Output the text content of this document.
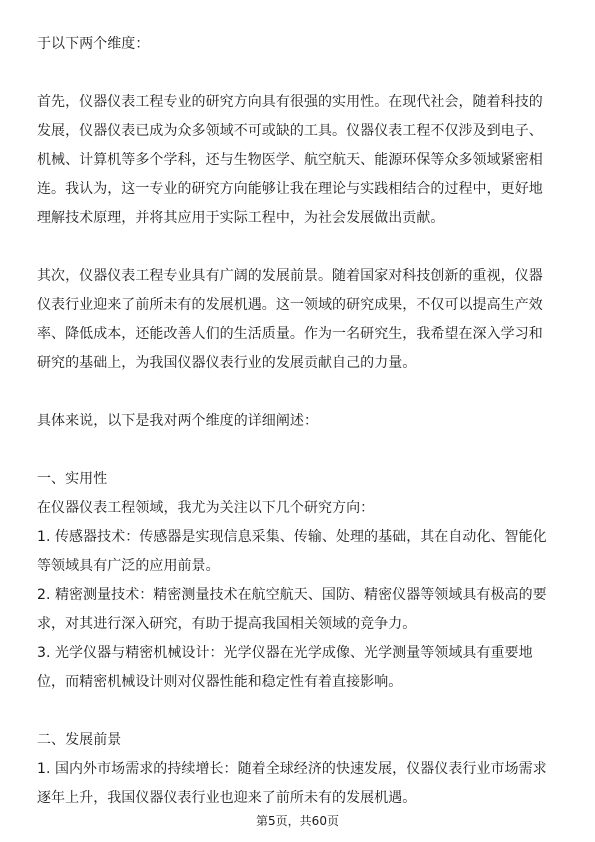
于以下两个维度：
首先，仪器仪表工程专业的研究方向具有很强的实用性。在现代社会，随着科技的
发展，仪器仪表已成为众多领域不可或缺的工具。仪器仪表工程不仅涉及到电子、
机械、计算机等多个学科，还与生物医学、航空航天、能源环保等众多领域紧密相
连。我认为，这一专业的研究方向能够让我在理论与实践相结合的过程中，更好地
理解技术原理，并将其应用于实际工程中，为社会发展做出贡献。
其次，仪器仪表工程专业具有广阔的发展前景。随着国家对科技创新的重视，仪器
仪表行业迎来了前所未有的发展机遇。这一领域的研究成果，不仅可以提高生产效
率、降低成本，还能改善人们的生活质量。作为一名研究生，我希望在深入学习和
研究的基础上，为我国仪器仪表行业的发展贡献自己的力量。
具体来说，以下是我对两个维度的详细阐述：
一、实用性
在仪器仪表工程领域，我尤为关注以下几个研究方向：
1. 传感器技术：传感器是实现信息采集、传输、处理的基础，其在自动化、智能化
等领域具有广泛的应用前景。
2. 精密测量技术：精密测量技术在航空航天、国防、精密仪器等领域具有极高的要
求，对其进行深入研究，有助于提高我国相关领域的竞争力。
3. 光学仪器与精密机械设计：光学仪器在光学成像、光学测量等领域具有重要地
位，而精密机械设计则对仪器性能和稳定性有着直接影响。
二、发展前景
1. 国内外市场需求的持续增长：随着全球经济的快速发展，仪器仪表行业市场需求
逐年上升，我国仪器仪表行业也迎来了前所未有的发展机遇。
第5页，共60页
